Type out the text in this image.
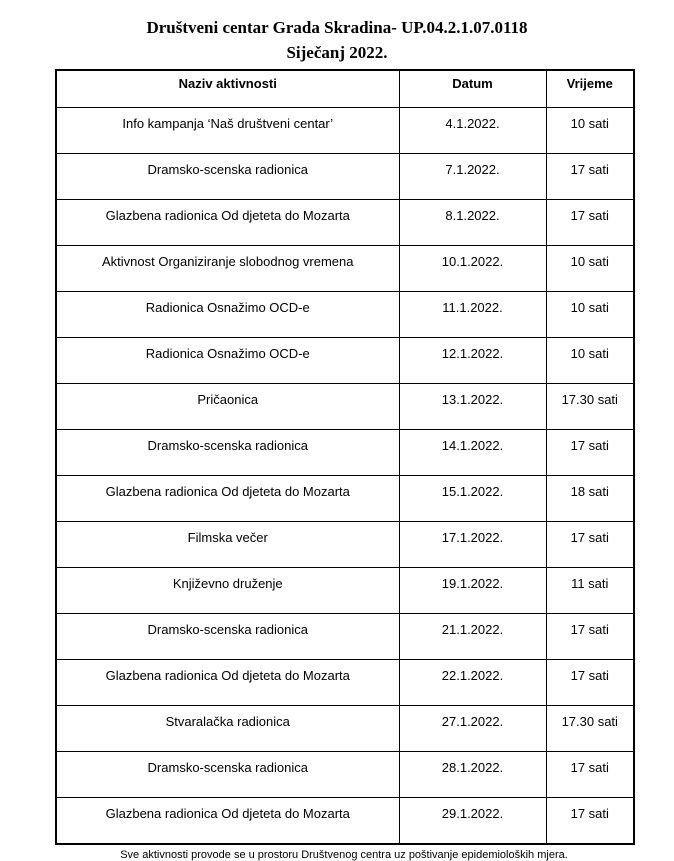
Društveni centar Grada Skradina- UP.04.2.1.07.0118
Siječanj 2022.
Naziv aktivnosti	Datum	Vrijeme
Info kampanja ‘Naš društveni centar’	4.1.2022.	10 sati
Dramsko-scenska radionica	7.1.2022.	17 sati
Glazbena radionica Od djeteta do Mozarta	8.1.2022.	17 sati
Aktivnost Organiziranje slobodnog vremena	10.1.2022.	10 sati
Radionica Osnažimo OCD-e	11.1.2022.	10 sati
Radionica Osnažimo OCD-e	12.1.2022.	10 sati
Pričaonica	13.1.2022.	17.30 sati
Dramsko-scenska radionica	14.1.2022.	17 sati
Glazbena radionica Od djeteta do Mozarta	15.1.2022.	18 sati
Filmska večer	17.1.2022.	17 sati
Književno druženje	19.1.2022.	11 sati
Dramsko-scenska radionica	21.1.2022.	17 sati
Glazbena radionica Od djeteta do Mozarta	22.1.2022.	17 sati
Stvaralačka radionica	27.1.2022.	17.30 sati
Dramsko-scenska radionica	28.1.2022.	17 sati
Glazbena radionica Od djeteta do Mozarta	29.1.2022.	17 sati
Sve aktivnosti provode se u prostoru Društvenog centra uz poštivanje epidemioloških mjera.
